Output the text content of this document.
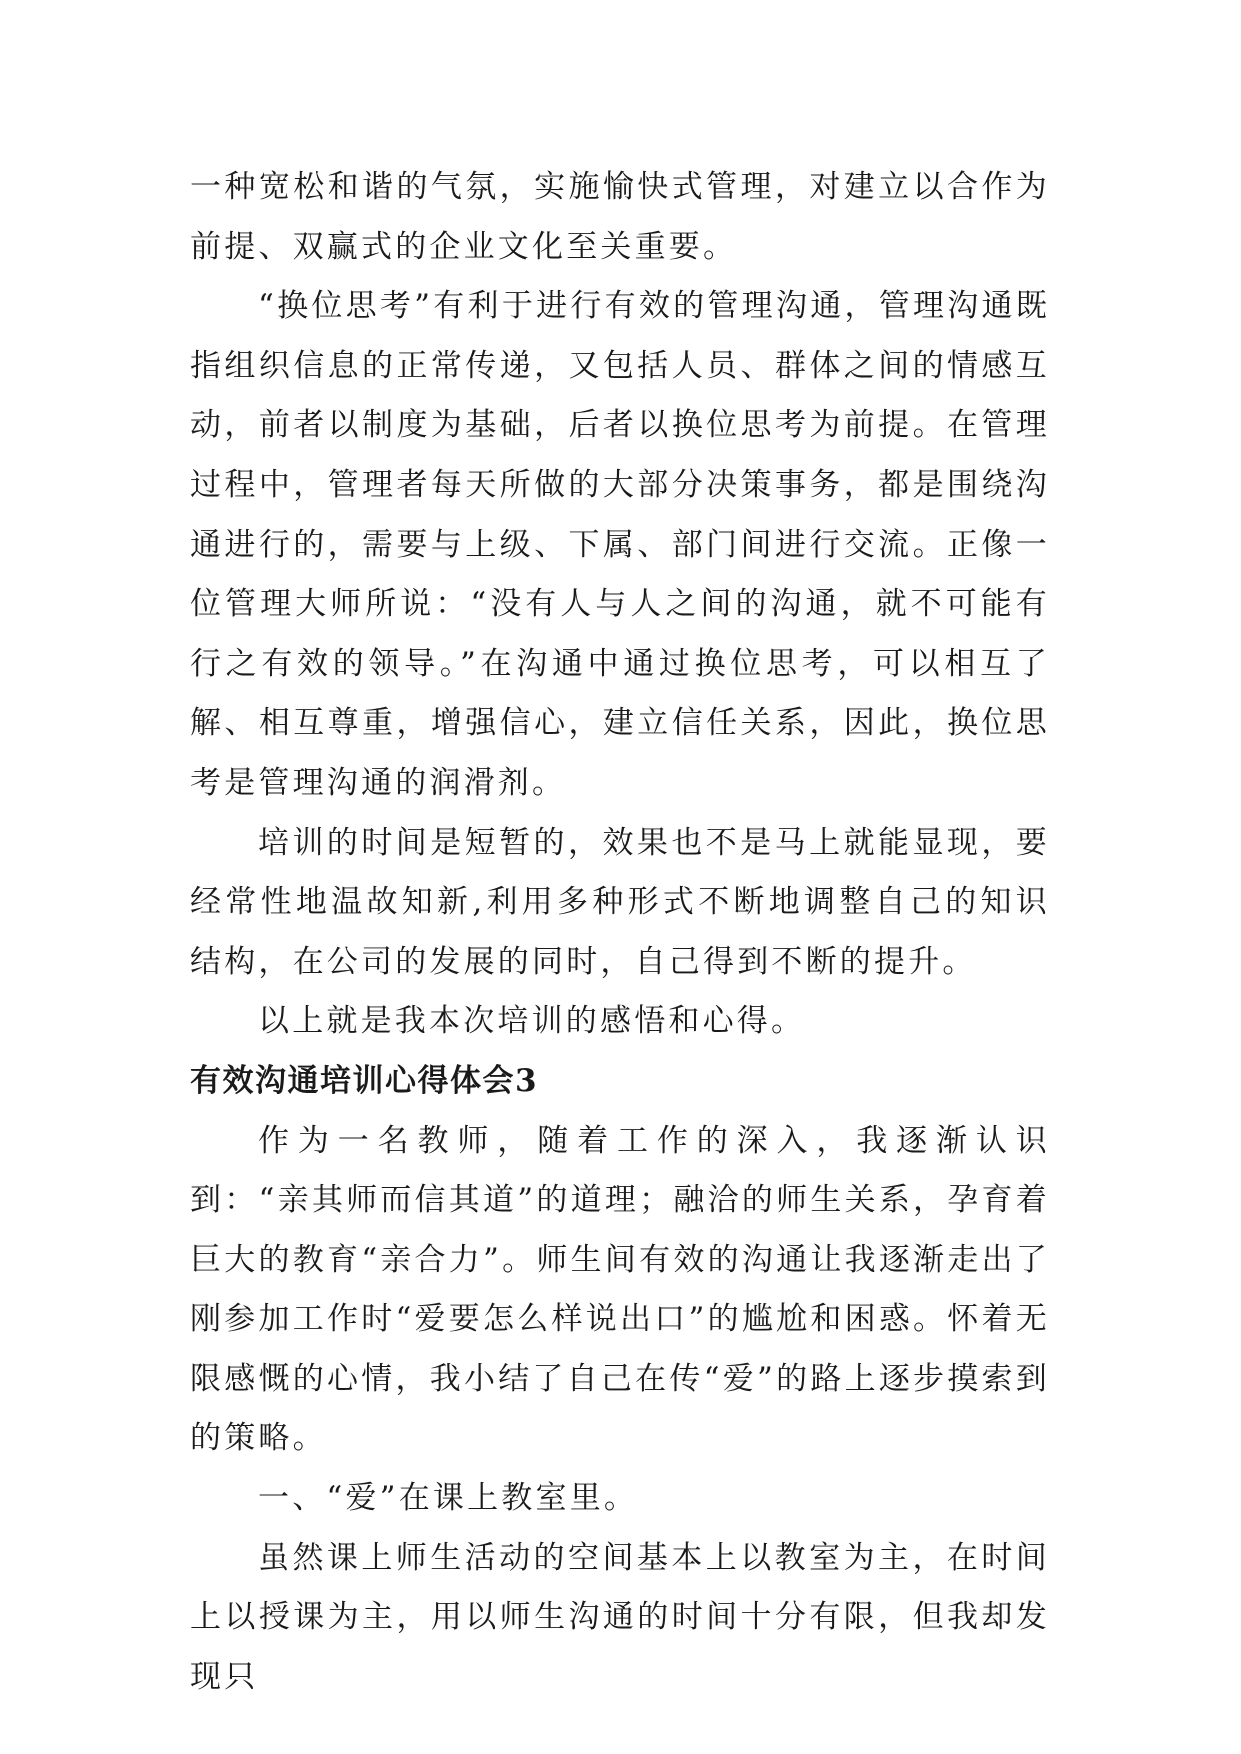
一种宽松和谐的气氛，实施愉快式管理，对建立以合作为前提、双赢式的企业文化至关重要。

“换位思考”有利于进行有效的管理沟通，管理沟通既指组织信息的正常传递，又包括人员、群体之间的情感互动，前者以制度为基础，后者以换位思考为前提。在管理过程中，管理者每天所做的大部分决策事务，都是围绕沟通进行的，需要与上级、下属、部门间进行交流。正像一位管理大师所说：“没有人与人之间的沟通，就不可能有行之有效的领导。”在沟通中通过换位思考，可以相互了解、相互尊重，增强信心，建立信任关系，因此，换位思考是管理沟通的润滑剂。

培训的时间是短暂的，效果也不是马上就能显现，要经常性地温故知新,利用多种形式不断地调整自己的知识结构，在公司的发展的同时，自己得到不断的提升。

以上就是我本次培训的感悟和心得。

有效沟通培训心得体会3

作为一名教师，随着工作的深入，我逐渐认识到：“亲其师而信其道”的道理；融洽的师生关系，孕育着巨大的教育“亲合力”。师生间有效的沟通让我逐渐走出了刚参加工作时“爱要怎么样说出口”的尴尬和困惑。怀着无限感慨的心情，我小结了自己在传“爱”的路上逐步摸索到的策略。

一、“爱”在课上教室里。

虽然课上师生活动的空间基本上以教室为主，在时间上以授课为主，用以师生沟通的时间十分有限，但我却发现只
